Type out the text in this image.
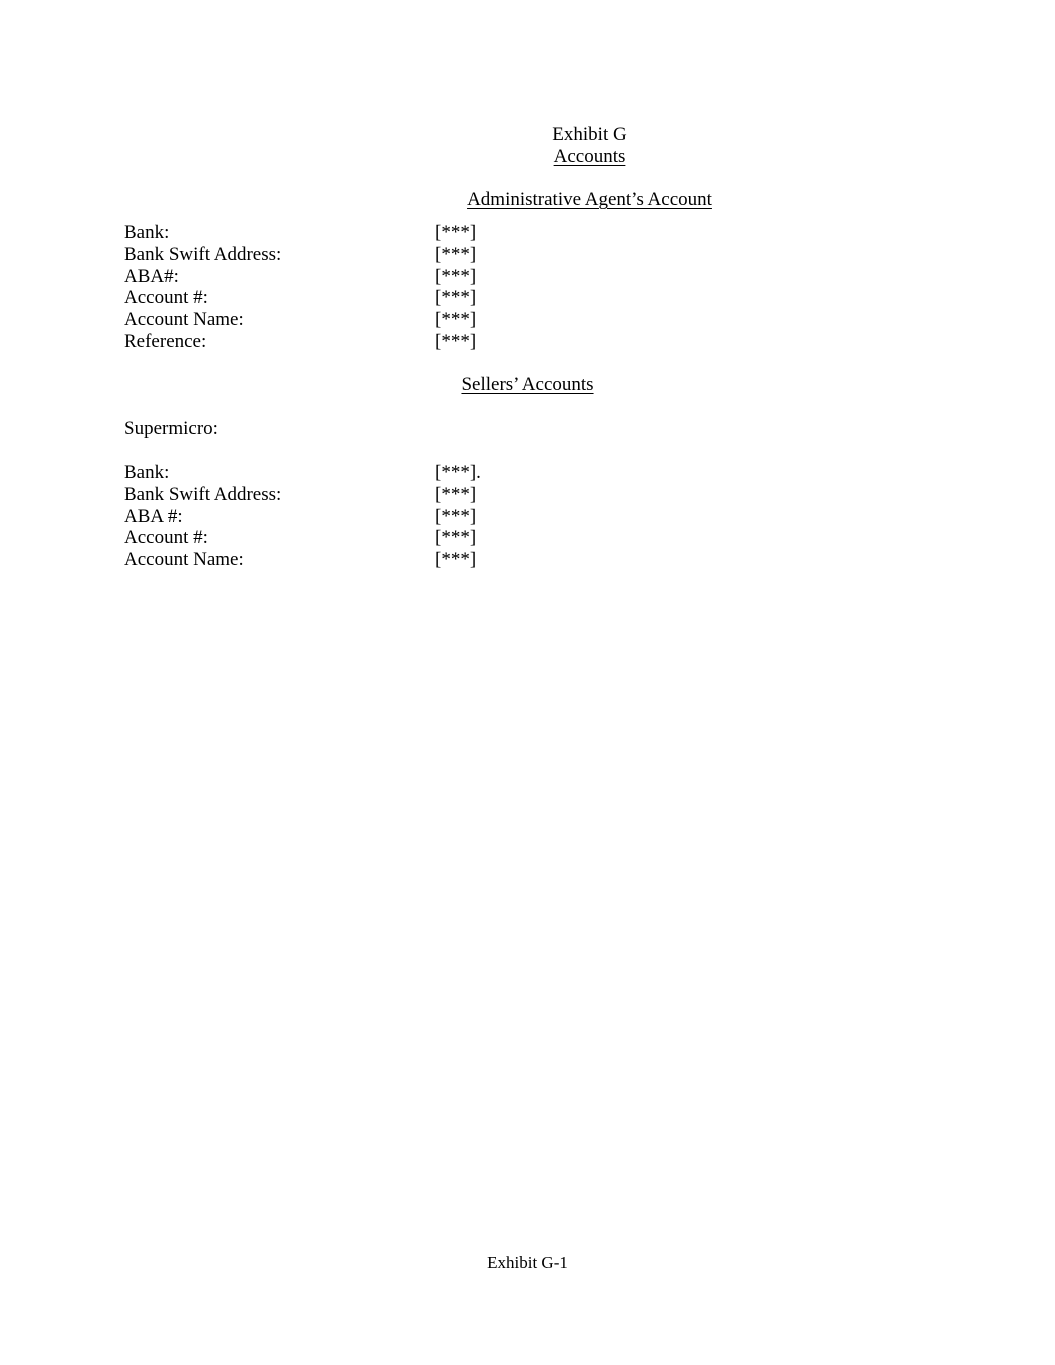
Exhibit G
Accounts
Administrative Agent’s Account
Bank:	[***]
Bank Swift Address:	[***]
ABA#:	[***]
Account #:	[***]
Account Name:	[***]
Reference:	[***]
Sellers’ Accounts
Supermicro:
Bank:	[***].
Bank Swift Address:	[***]
ABA #:	[***]
Account #:	[***]
Account Name:	[***]
Exhibit G-1
